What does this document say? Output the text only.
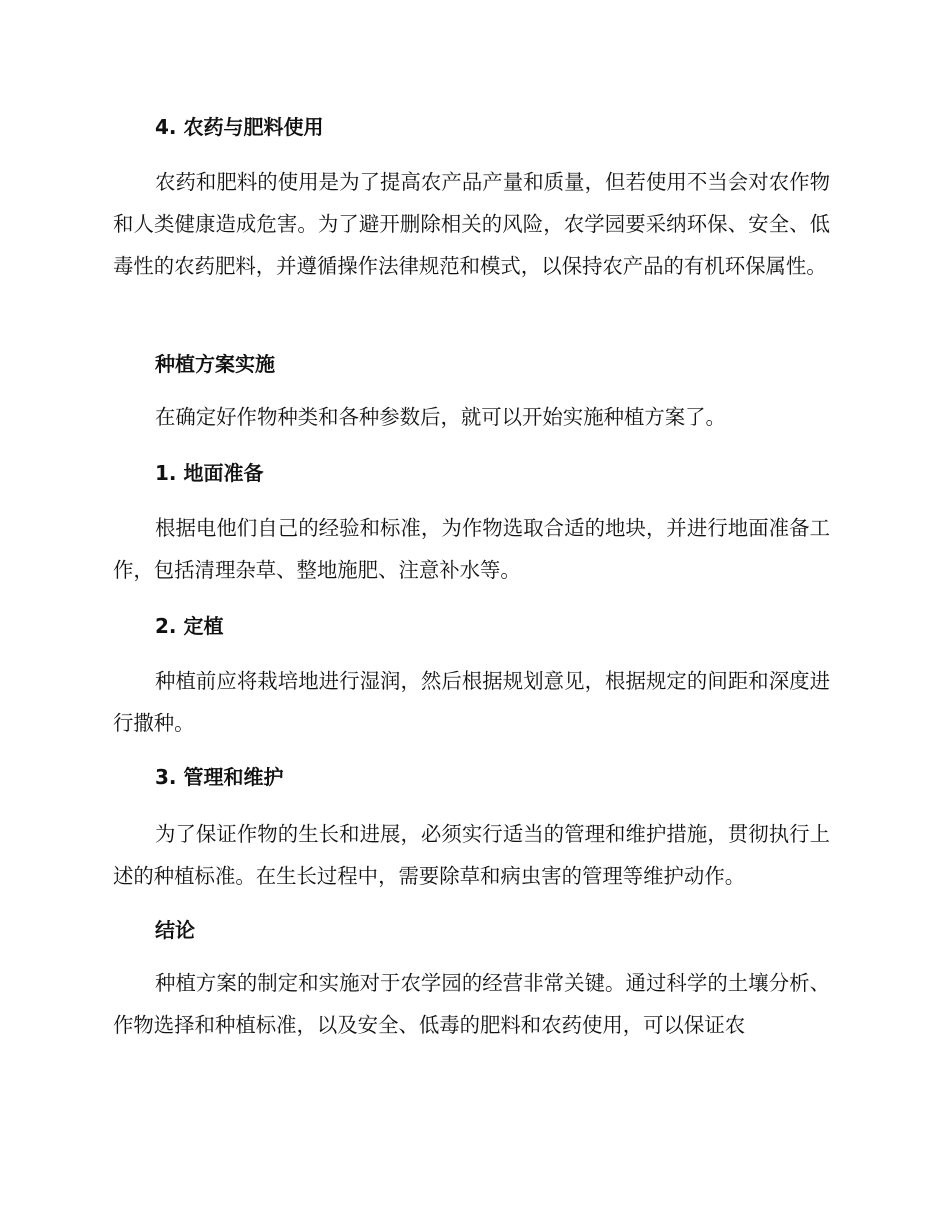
4. 农药与肥料使用
农药和肥料的使用是为了提高农产品产量和质量，但若使用不当会对农作物和人类健康造成危害。为了避开删除相关的风险，农学园要采纳环保、安全、低毒性的农药肥料，并遵循操作法律规范和模式，以保持农产品的有机环保属性。
种植方案实施
在确定好作物种类和各种参数后，就可以开始实施种植方案了。
1. 地面准备
根据电他们自己的经验和标准，为作物选取合适的地块，并进行地面准备工作，包括清理杂草、整地施肥、注意补水等。
2. 定植
种植前应将栽培地进行湿润，然后根据规划意见，根据规定的间距和深度进行撒种。
3. 管理和维护
为了保证作物的生长和进展，必须实行适当的管理和维护措施，贯彻执行上述的种植标准。在生长过程中，需要除草和病虫害的管理等维护动作。
结论
种植方案的制定和实施对于农学园的经营非常关键。通过科学的土壤分析、作物选择和种植标准，以及安全、低毒的肥料和农药使用，可以保证农
